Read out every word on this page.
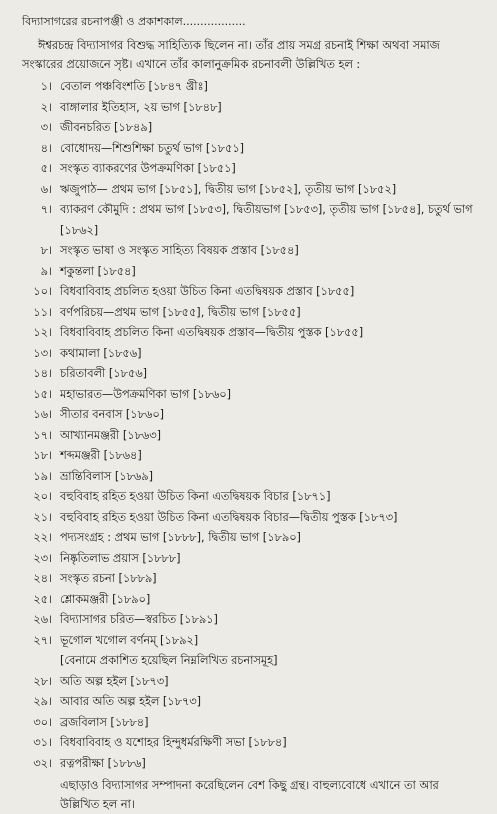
বিদ্যাসাগরের রচনাপঞ্জী ও প্রকাশকাল..................

ঈশ্বরচন্দ্র বিদ্যাসাগর বিশুদ্ধ সাহিত্যিক ছিলেন না। তাঁর প্রায় সমগ্র রচনাই শিক্ষা অথবা সমাজ সংস্কারের প্রয়োজনে সৃষ্ট। এখানে তাঁর কালানুক্রমিক রচনাবলী উল্লিখিত হল :

১। বেতাল পঞ্চবিংশতি [১৮৪৭ খ্রীঃ]
২। বাঙ্গালার ইতিহাস, ২য় ভাগ [১৮৪৮]
৩। জীবনচরিত [১৮৪৯]
৪। বোধোদয়—শিশুশিক্ষা চতুর্থ ভাগ [১৮৫১]
৫। সংস্কৃত ব্যাকরণের উপক্রমণিকা [১৮৫১]
৬। ঋজুপাঠ— প্রথম ভাগ [১৮৫১], দ্বিতীয় ভাগ [১৮৫২], তৃতীয় ভাগ [১৮৫২]
৭। ব্যাকরণ কৌমুদি : প্রথম ভাগ [১৮৫৩], দ্বিতীয়ভাগ [১৮৫৩], তৃতীয় ভাগ [১৮৫৪], চতুর্থ ভাগ [১৮৬২]
৮। সংস্কৃত ভাষা ও সংস্কৃত সাহিত্য বিষয়ক প্রস্তাব [১৮৫৪]
৯। শকুন্তলা [১৮৫৪]
১০। বিধবাবিবাহ প্রচলিত হওয়া উচিত কিনা এতদ্বিষয়ক প্রস্তাব [১৮৫৫]
১১। বর্ণপরিচয়—প্রথম ভাগ [১৮৫৫], দ্বিতীয় ভাগ [১৮৫৫]
১২। বিধবাবিবাহ প্রচলিত কিনা এতদ্বিষয়ক প্রস্তাব—দ্বিতীয় পুস্তক [১৮৫৫]
১৩। কথামালা [১৮৫৬]
১৪। চরিতাবলী [১৮৫৬]
১৫। মহাভারত—উপক্রমণিকা ভাগ [১৮৬০]
১৬। সীতার বনবাস [১৮৬০]
১৭। আখ্যানমঞ্জরী [১৮৬৩]
১৮। শব্দমঞ্জরী [১৮৬৪]
১৯। ভ্রান্তিবিলাস [১৮৬৯]
২০। বহুবিবাহ রহিত হওয়া উচিত কিনা এতদ্বিষয়ক বিচার [১৮৭১]
২১। বহুবিবাহ রহিত হওয়া উচিত কিনা এতদ্বিষয়ক বিচার—দ্বিতীয় পুস্তক [১৮৭৩]
২২। পদ্যসংগ্রহ : প্রথম ভাগ [১৮৮৮], দ্বিতীয় ভাগ [১৮৯০]
২৩। নিষ্কৃতিলাভ প্রয়াস [১৮৮৮]
২৪। সংস্কৃত রচনা [১৮৮৯]
২৫। শ্লোকমঞ্জরী [১৮৯০]
২৬। বিদ্যাসাগর চরিত—স্বরচিত [১৮৯১]
২৭। ভূগোল খগোল বর্ণনম্‌ [১৮৯২]
[বেনামে প্রকাশিত হয়েছিল নিম্নলিখিত রচনাসমূহ]
২৮। অতি অল্প হইল [১৮৭৩]
২৯। আবার অতি অল্প হইল [১৮৭৩]
৩০। ব্রজবিলাস [১৮৮৪]
৩১। বিধবাবিবাহ ও যশোহর হিন্দুধর্মরক্ষিণী সভা [১৮৮৪]
৩২। রত্নপরীক্ষা [১৮৮৬]
এছাড়াও বিদ্যাসাগর সম্পাদনা করেছিলেন বেশ কিছু গ্রন্থ। বাহুল্যবোধে এখানে তা আর উল্লিখিত হল না।
